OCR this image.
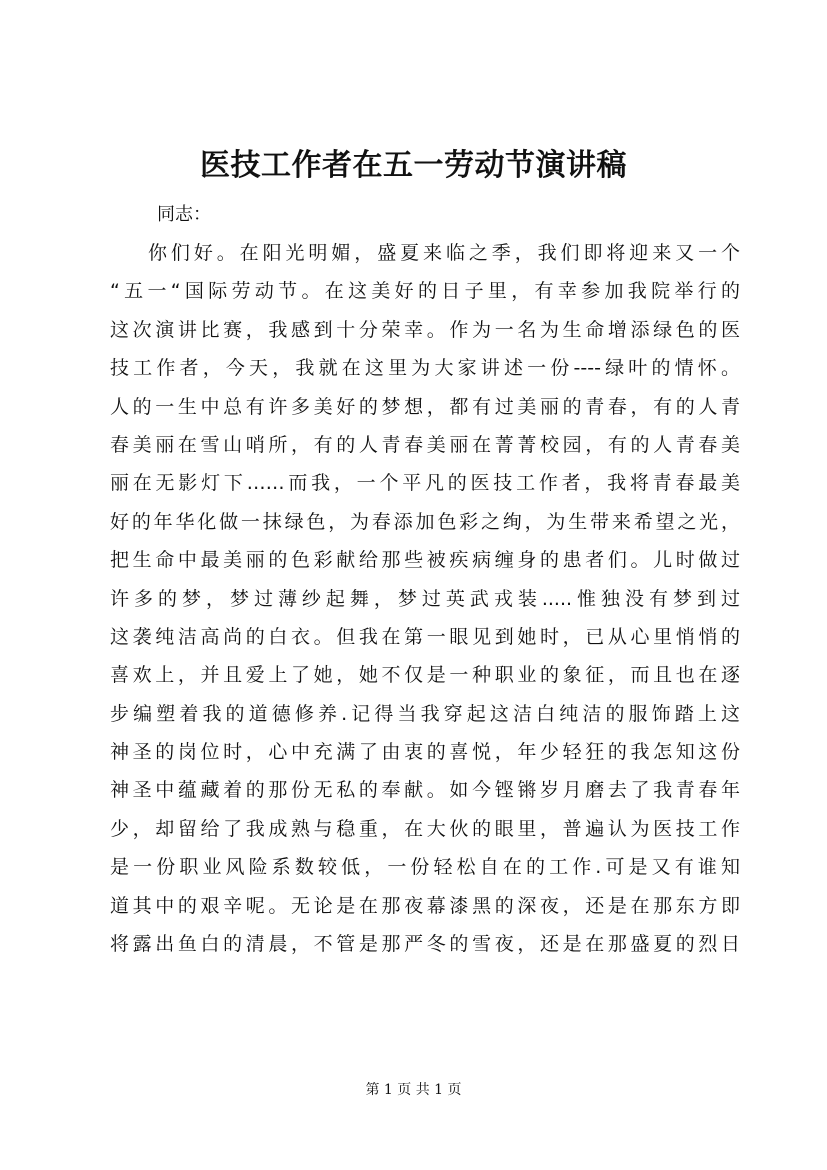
医技工作者在五一劳动节演讲稿
同志：
你们好。在阳光明媚，盛夏来临之季，我们即将迎来又一个
“五一“国际劳动节。在这美好的日子里，有幸参加我院举行的
这次演讲比赛，我感到十分荣幸。作为一名为生命增添绿色的医
技工作者，今天，我就在这里为大家讲述一份----绿叶的情怀。
人的一生中总有许多美好的梦想，都有过美丽的青春，有的人青
春美丽在雪山哨所，有的人青春美丽在菁菁校园，有的人青春美
丽在无影灯下……而我，一个平凡的医技工作者，我将青春最美
好的年华化做一抹绿色，为春添加色彩之绚，为生带来希望之光，
把生命中最美丽的色彩献给那些被疾病缠身的患者们。儿时做过
许多的梦，梦过薄纱起舞，梦过英武戎装.....惟独没有梦到过
这袭纯洁高尚的白衣。但我在第一眼见到她时，已从心里悄悄的
喜欢上，并且爱上了她，她不仅是一种职业的象征，而且也在逐
步编塑着我的道德修养.记得当我穿起这洁白纯洁的服饰踏上这
神圣的岗位时，心中充满了由衷的喜悦，年少轻狂的我怎知这份
神圣中蕴藏着的那份无私的奉献。如今铿锵岁月磨去了我青春年
少，却留给了我成熟与稳重，在大伙的眼里，普遍认为医技工作
是一份职业风险系数较低，一份轻松自在的工作.可是又有谁知
道其中的艰辛呢。无论是在那夜幕漆黑的深夜，还是在那东方即
将露出鱼白的清晨，不管是那严冬的雪夜，还是在那盛夏的烈日
第 1 页 共 1 页
